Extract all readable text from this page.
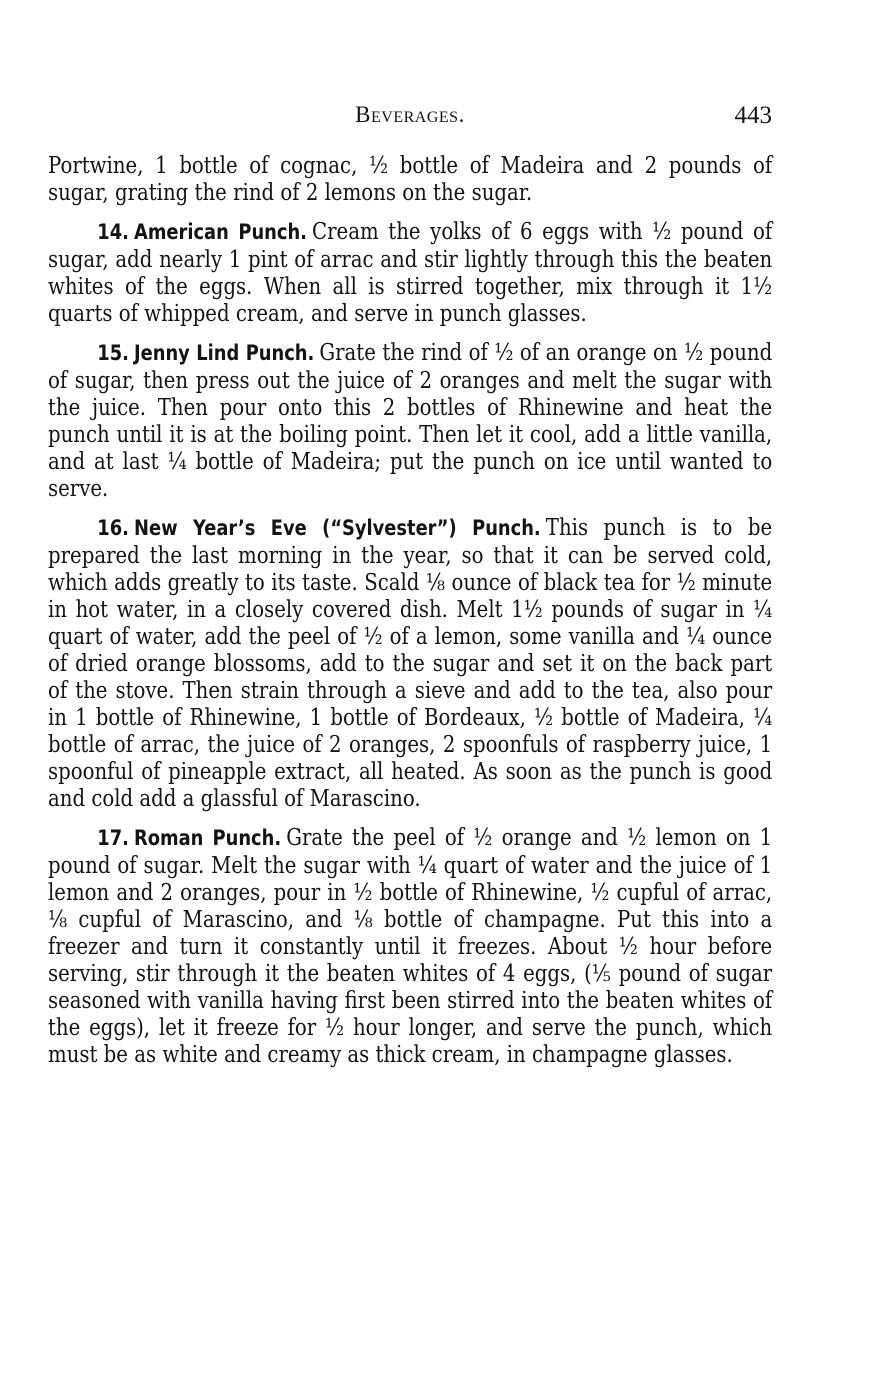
Beverages.	443

Portwine, 1 bottle of cognac, ½ bottle of Madeira and 2 pounds of sugar, grating the rind of 2 lemons on the sugar.

14. American Punch. Cream the yolks of 6 eggs with ½ pound of sugar, add nearly 1 pint of arrac and stir lightly through this the beaten whites of the eggs. When all is stirred together, mix through it 1½ quarts of whipped cream, and serve in punch glasses.

15. Jenny Lind Punch. Grate the rind of ½ of an orange on ½ pound of sugar, then press out the juice of 2 oranges and melt the sugar with the juice. Then pour onto this 2 bottles of Rhinewine and heat the punch until it is at the boiling point. Then let it cool, add a little vanilla, and at last ¼ bottle of Madeira; put the punch on ice until wanted to serve.

16. New Year’s Eve (“Sylvester”) Punch. This punch is to be prepared the last morning in the year, so that it can be served cold, which adds greatly to its taste. Scald ⅛ ounce of black tea for ½ minute in hot water, in a closely covered dish. Melt 1½ pounds of sugar in ¼ quart of water, add the peel of ½ of a lemon, some vanilla and ¼ ounce of dried orange blossoms, add to the sugar and set it on the back part of the stove. Then strain through a sieve and add to the tea, also pour in 1 bottle of Rhinewine, 1 bottle of Bordeaux, ½ bottle of Madeira, ¼ bottle of arrac, the juice of 2 oranges, 2 spoonfuls of raspberry juice, 1 spoonful of pineapple extract, all heated. As soon as the punch is good and cold add a glassful of Marascino.

17. Roman Punch. Grate the peel of ½ orange and ½ lemon on 1 pound of sugar. Melt the sugar with ¼ quart of water and the juice of 1 lemon and 2 oranges, pour in ½ bottle of Rhinewine, ½ cupful of arrac, ⅛ cupful of Marascino, and ⅛ bottle of champagne. Put this into a freezer and turn it constantly until it freezes. About ½ hour before serving, stir through it the beaten whites of 4 eggs, (⅕ pound of sugar seasoned with vanilla having first been stirred into the beaten whites of the eggs), let it freeze for ½ hour longer, and serve the punch, which must be as white and creamy as thick cream, in champagne glasses.
